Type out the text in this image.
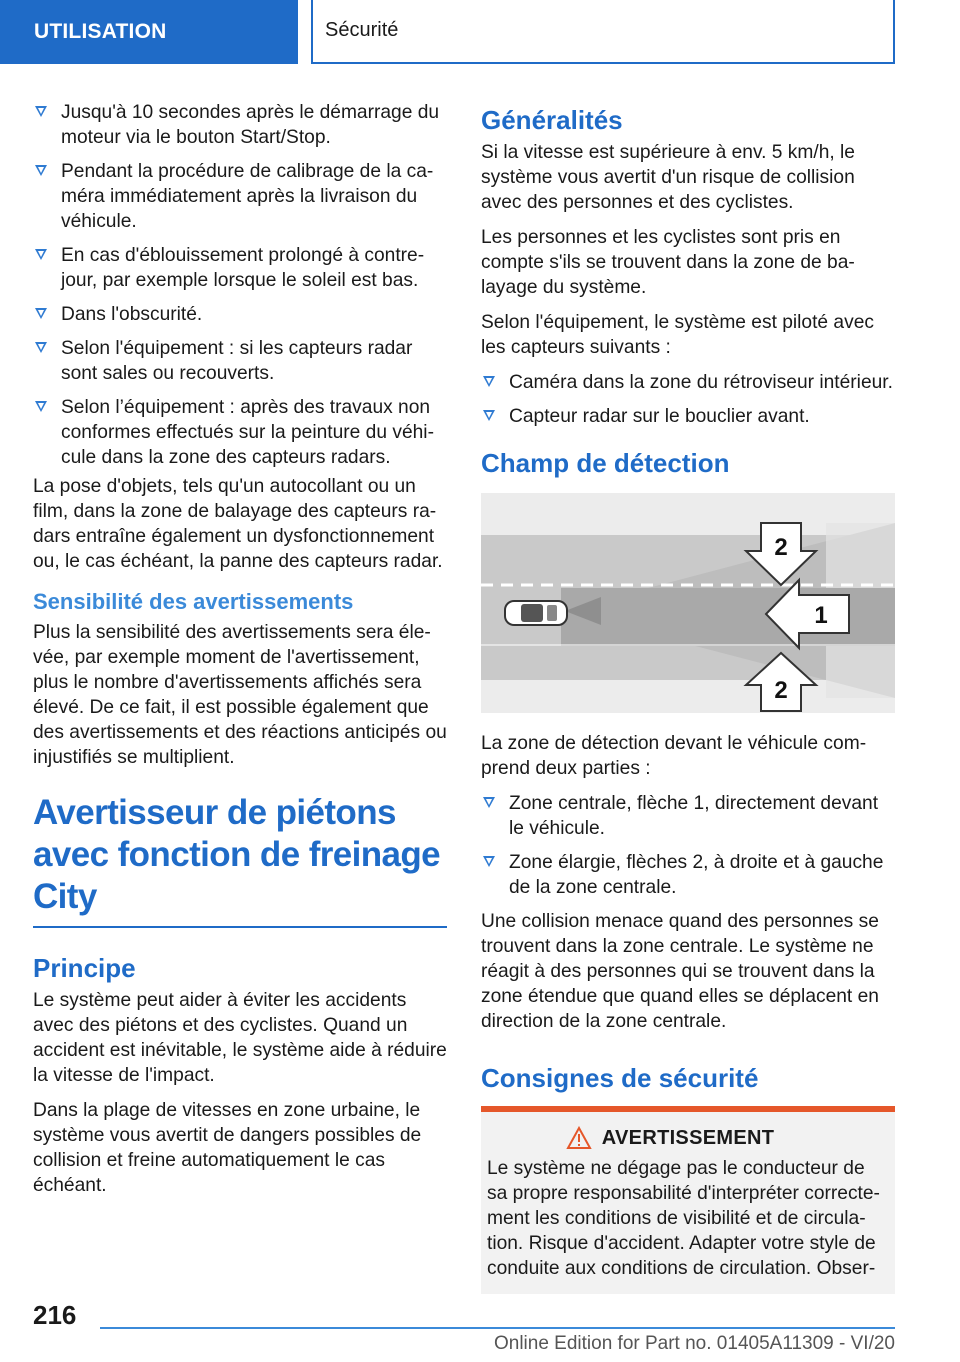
UTILISATION	Sécurité
Jusqu'à 10 secondes après le démarrage du moteur via le bouton Start/Stop.
Pendant la procédure de calibrage de la caméra immédiatement après la livraison du véhicule.
En cas d'éblouissement prolongé à contre-jour, par exemple lorsque le soleil est bas.
Dans l'obscurité.
Selon l'équipement : si les capteurs radar sont sales ou recouverts.
Selon l’équipement : après des travaux non conformes effectués sur la peinture du véhicule dans la zone des capteurs radars.

La pose d'objets, tels qu'un autocollant ou un film, dans la zone de balayage des capteurs radars entraîne également un dysfonctionnement ou, le cas échéant, la panne des capteurs radar.

Sensibilité des avertissements

Plus la sensibilité des avertissements sera élevée, par exemple moment de l'avertissement, plus le nombre d'avertissements affichés sera élevé. De ce fait, il est possible également que des avertissements et des réactions anticipés ou injustifiés se multiplient.

Avertisseur de piétons avec fonction de freinage City
Principe

Le système peut aider à éviter les accidents avec des piétons et des cyclistes. Quand un accident est inévitable, le système aide à réduire la vitesse de l'impact.

Dans la plage de vitesses en zone urbaine, le système vous avertit de dangers possibles de collision et freine automatiquement le cas échéant.

Généralités

Si la vitesse est supérieure à env. 5 km/h, le système vous avertit d'un risque de collision avec des personnes et des cyclistes.

Les personnes et les cyclistes sont pris en compte s'ils se trouvent dans la zone de balayage du système.

Selon l'équipement, le système est piloté avec les capteurs suivants :

Caméra dans la zone du rétroviseur intérieur.
Capteur radar sur le bouclier avant.
Champ de détection
2
1
2

La zone de détection devant le véhicule comprend deux parties :

Zone centrale, flèche 1, directement devant le véhicule.
Zone élargie, flèches 2, à droite et à gauche de la zone centrale.

Une collision menace quand des personnes se trouvent dans la zone centrale. Le système ne réagit à des personnes qui se trouvent dans la zone étendue que quand elles se déplacent en direction de la zone centrale.

Consignes de sécurité
AVERTISSEMENT

Le système ne dégage pas le conducteur de sa propre responsabilité d'interpréter correctement les conditions de visibilité et de circulation. Risque d'accident. Adapter votre style de conduite aux conditions de circulation. Obser-

216
Online Edition for Part no. 01405A11309 - VI/20
